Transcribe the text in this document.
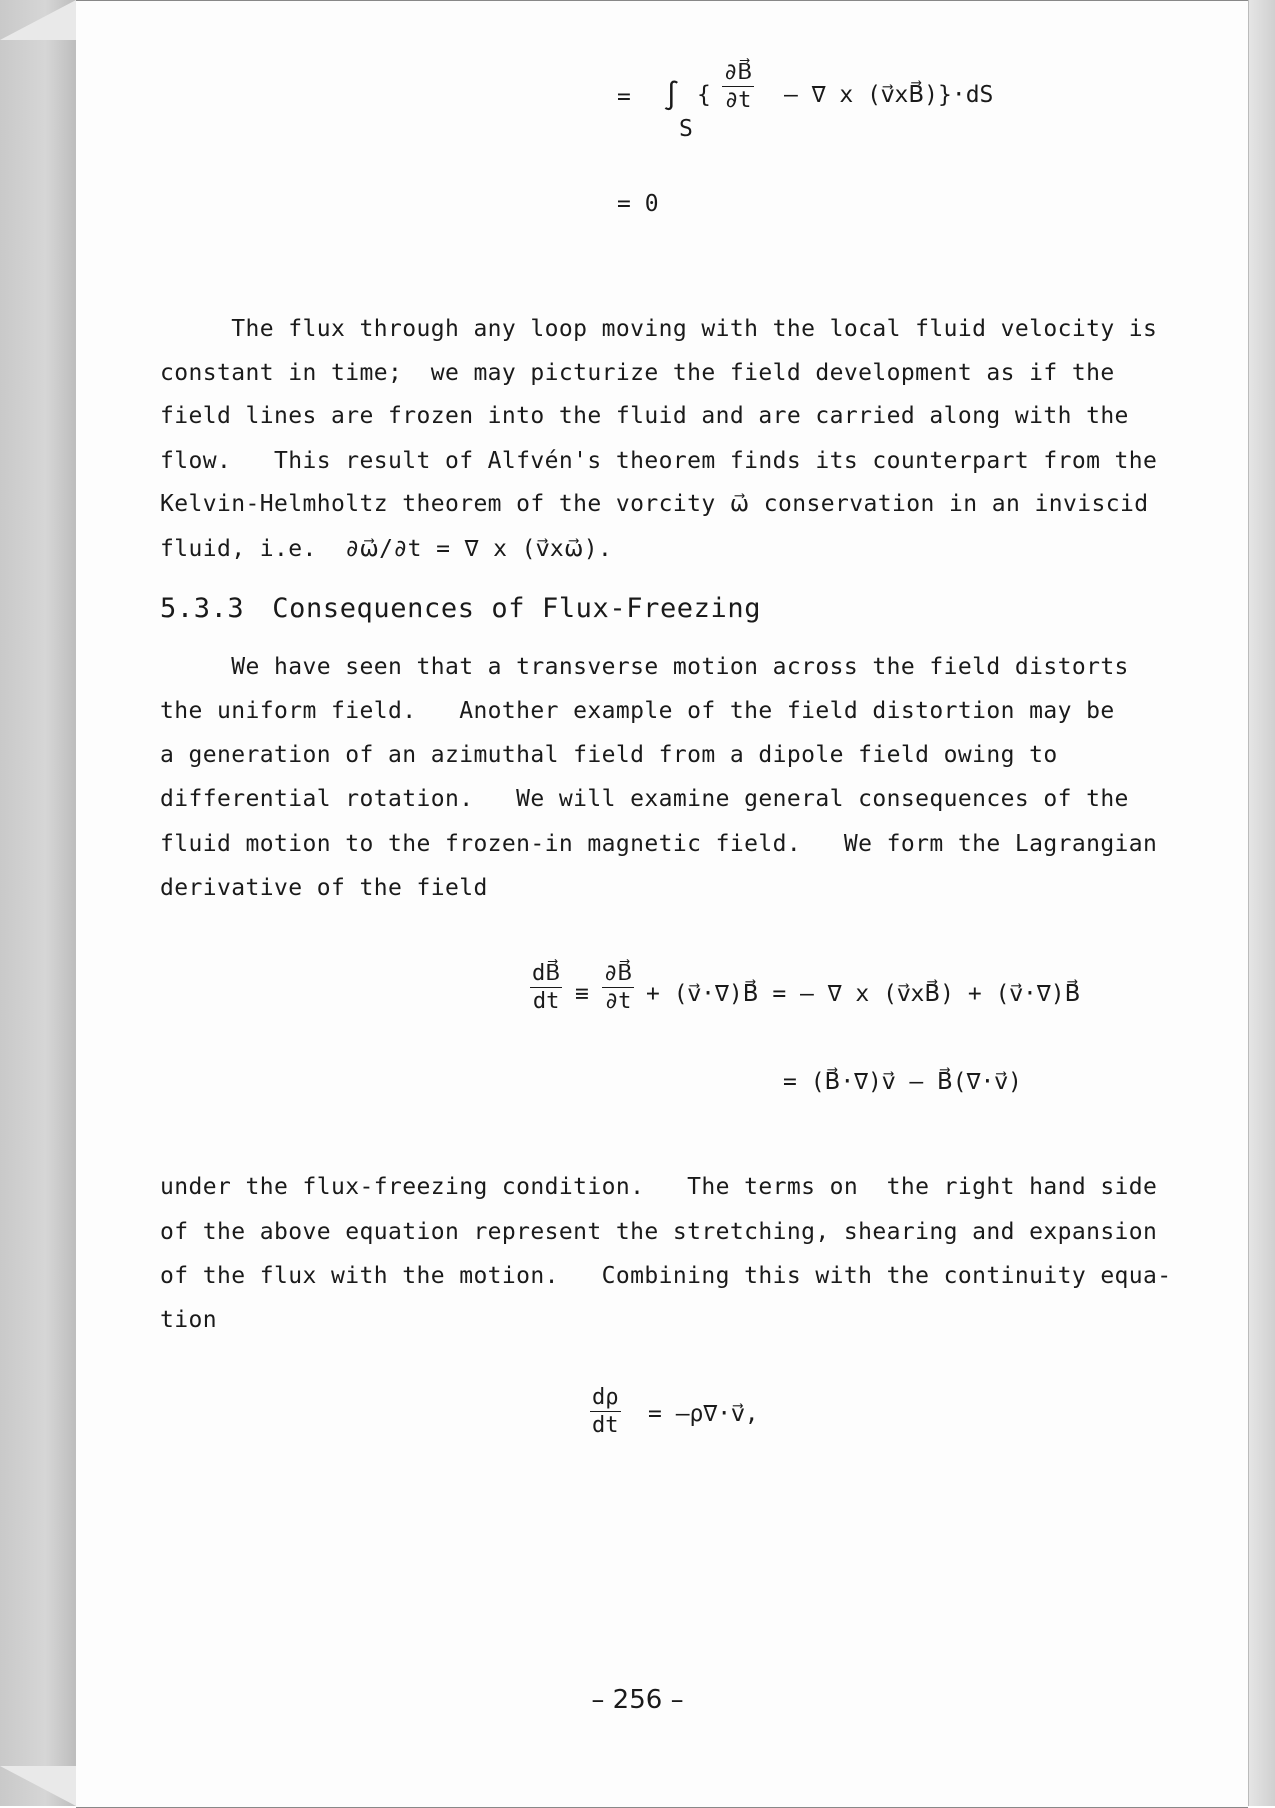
= ∫
S
{ $\frac{\partial B⃗}{\partial t}$ – ∇ x (v⃗xB⃗)}·dS
= 0
The flux through any loop moving with the local fluid velocity is
constant in time;  we may picturize the field development as if the
field lines are frozen into the fluid and are carried along with the
flow.   This result of Alfvén's theorem finds its counterpart from the
Kelvin-Helmholtz theorem of the vorcity ω⃗ conservation in an inviscid
fluid, i.e.  ∂ω⃗/∂t = ∇ x (v⃗xω⃗).
5.3.3 Consequences of Flux-Freezing
We have seen that a transverse motion across the field distorts
the uniform field.   Another example of the field distortion may be
a generation of an azimuthal field from a dipole field owing to
differential rotation.   We will examine general consequences of the
fluid motion to the frozen-in magnetic field.   We form the Lagrangian
derivative of the field
$\frac{dB⃗}{dt} \equiv \frac{\partial B⃗}{\partial t}$ + (v⃗·∇)B⃗ = – ∇ x (v⃗xB⃗) + (v⃗·∇)B⃗
= (B⃗·∇)v⃗ – B⃗(∇·v⃗)
under the flux-freezing condition.   The terms on  the right hand side
of the above equation represent the stretching, shearing and expansion
of the flux with the motion.   Combining this with the continuity equa-
tion
$\frac{d\rho}{dt}$ = –ρ∇·v⃗,
– 256 –
